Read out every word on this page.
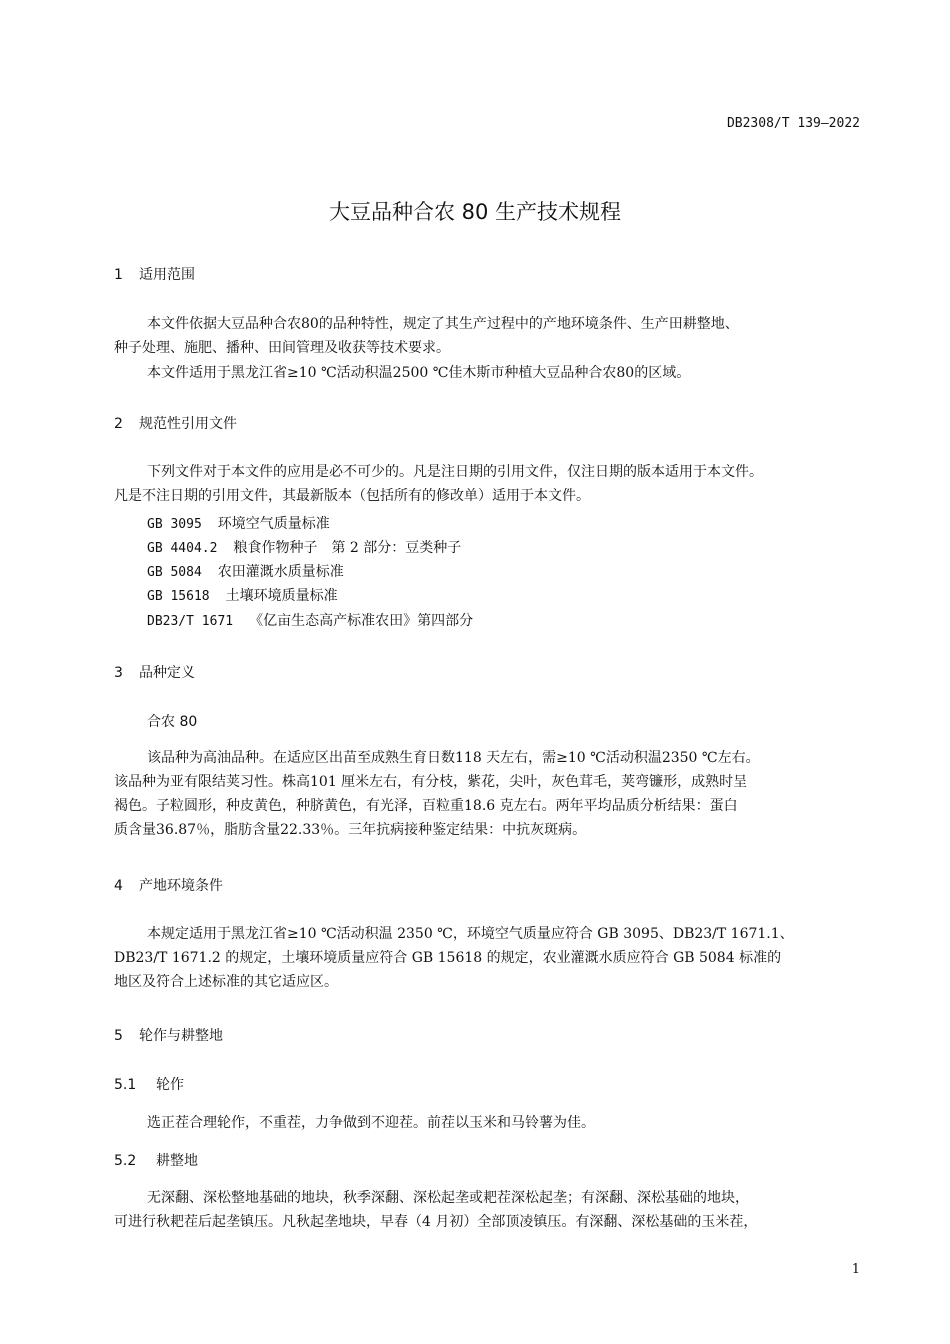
DB2308/T 139—2022
大豆品种合农 80 生产技术规程
1 适用范围
本文件依据大豆品种合农80的品种特性，规定了其生产过程中的产地环境条件、生产田耕整地、
种子处理、施肥、播种、田间管理及收获等技术要求。
本文件适用于黑龙江省≥10 ℃活动积温2500 ℃佳木斯市种植大豆品种合农80的区域。
2 规范性引用文件
下列文件对于本文件的应用是必不可少的。凡是注日期的引用文件，仅注日期的版本适用于本文件。
凡是不注日期的引用文件，其最新版本（包括所有的修改单）适用于本文件。
GB 3095 环境空气质量标准
GB 4404.2 粮食作物种子　第 2 部分：豆类种子
GB 5084 农田灌溉水质量标准
GB 15618 土壤环境质量标准
DB23/T 1671 《亿亩生态高产标准农田》第四部分
3 品种定义
合农 80
该品种为高油品种。在适应区出苗至成熟生育日数118 天左右，需≥10 ℃活动积温2350 ℃左右。
该品种为亚有限结荚习性。株高101 厘米左右，有分枝，紫花，尖叶，灰色茸毛，荚弯镰形，成熟时呈
褐色。子粒圆形，种皮黄色，种脐黄色，有光泽，百粒重18.6 克左右。两年平均品质分析结果：蛋白
质含量36.87％，脂肪含量22.33％。三年抗病接种鉴定结果：中抗灰斑病。
4 产地环境条件
本规定适用于黑龙江省≥10 ℃活动积温 2350 ℃，环境空气质量应符合 GB 3095、DB23/T 1671.1、
DB23/T 1671.2 的规定，土壤环境质量应符合 GB 15618 的规定，农业灌溉水质应符合 GB 5084 标准的
地区及符合上述标准的其它适应区。
5 轮作与耕整地
5.1 轮作
选正茬合理轮作，不重茬，力争做到不迎茬。前茬以玉米和马铃薯为佳。
5.2 耕整地
无深翻、深松整地基础的地块，秋季深翻、深松起垄或耙茬深松起垄；有深翻、深松基础的地块，
可进行秋耙茬后起垄镇压。凡秋起垄地块，早春（4 月初）全部顶凌镇压。有深翻、深松基础的玉米茬，
1
